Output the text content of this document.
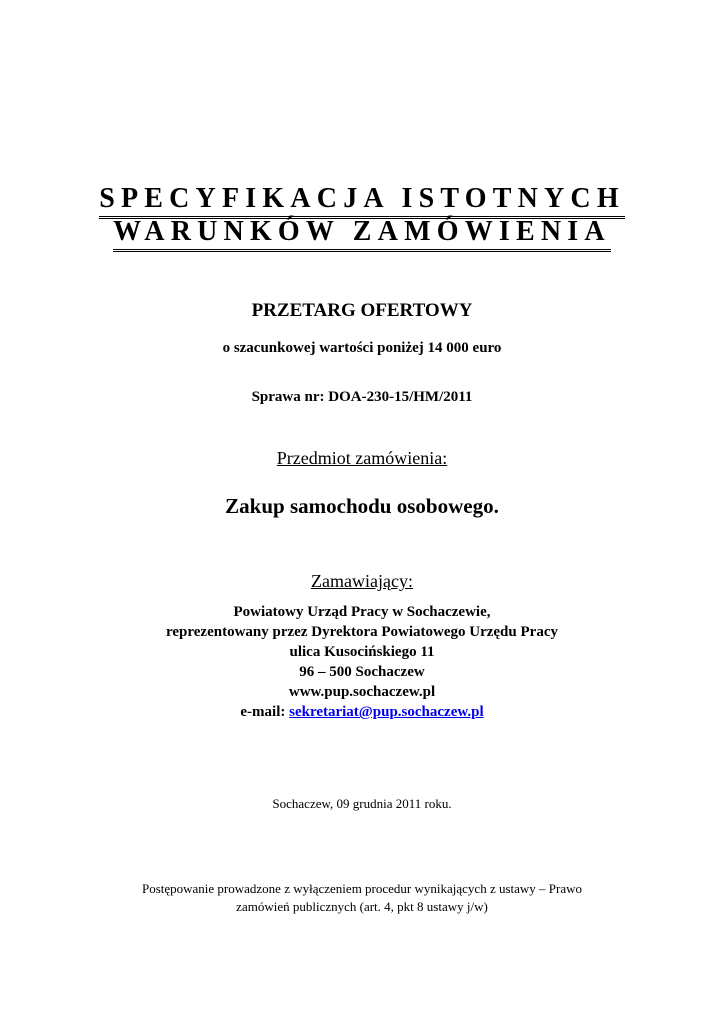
SPECYFIKACJA ISTOTNYCH
WARUNKÓW ZAMÓWIENIA
PRZETARG OFERTOWY
o szacunkowej wartości poniżej 14 000 euro
Sprawa nr: DOA-230-15/HM/2011
Przedmiot zamówienia:
Zakup samochodu osobowego.
Zamawiający:
Powiatowy Urząd Pracy w Sochaczewie,
reprezentowany przez Dyrektora Powiatowego Urzędu Pracy
ulica Kusocińskiego 11
96 – 500 Sochaczew
www.pup.sochaczew.pl
e-mail: sekretariat@pup.sochaczew.pl
Sochaczew, 09 grudnia 2011 roku.
Postępowanie prowadzone z wyłączeniem procedur wynikających z ustawy – Prawo
zamówień publicznych (art. 4, pkt 8 ustawy j/w)
